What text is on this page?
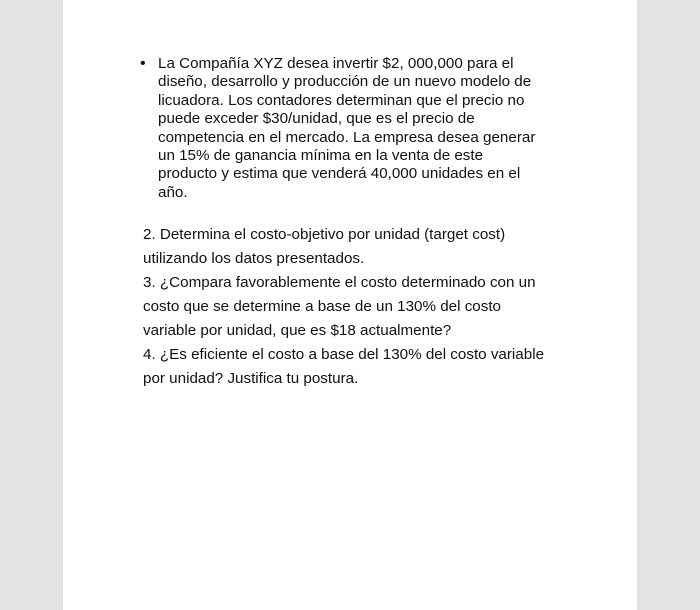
• La Compañía XYZ desea invertir $2, 000,000 para el
diseño, desarrollo y producción de un nuevo modelo de
licuadora. Los contadores determinan que el precio no
puede exceder $30/unidad, que es el precio de
competencia en el mercado. La empresa desea generar
un 15% de ganancia mínima en la venta de este
producto y estima que venderá 40,000 unidades en el
año.
2. Determina el costo-objetivo por unidad (target cost)
utilizando los datos presentados.
3. ¿Compara favorablemente el costo determinado con un
costo que se determine a base de un 130% del costo
variable por unidad, que es $18 actualmente?
4. ¿Es eficiente el costo a base del 130% del costo variable
por unidad? Justifica tu postura.
